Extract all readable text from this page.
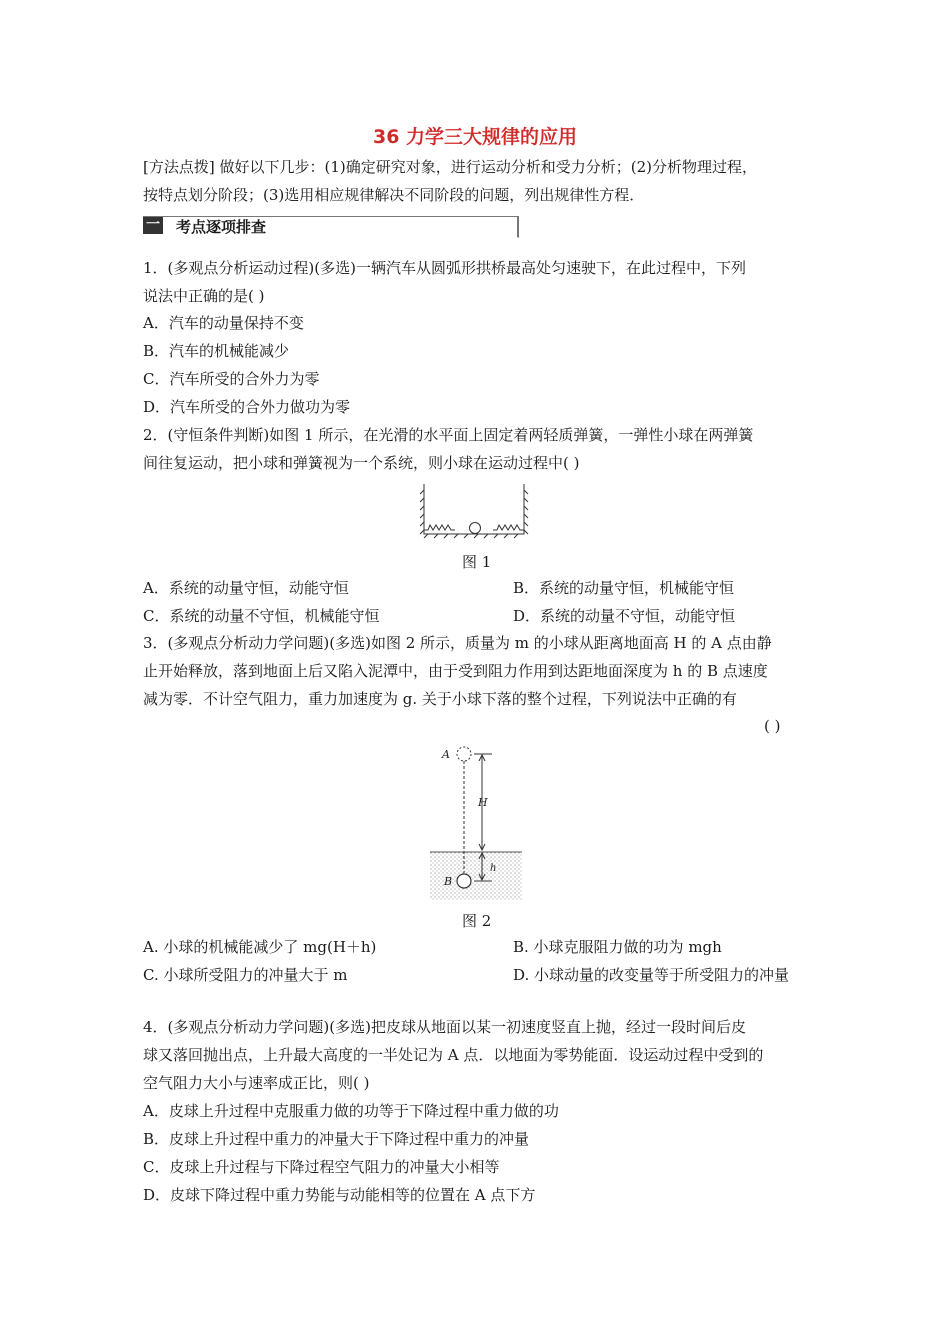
36 力学三大规律的应用
[方法点拨] 做好以下几步：(1)确定研究对象，进行运动分析和受力分析；(2)分析物理过程，
按特点划分阶段；(3)选用相应规律解决不同阶段的问题，列出规律性方程．
一 考点逐项排查
1．(多观点分析运动过程)(多选)一辆汽车从圆弧形拱桥最高处匀速驶下，在此过程中，下列
说法中正确的是( )
A．汽车的动量保持不变
B．汽车的机械能减少
C．汽车所受的合外力为零
D．汽车所受的合外力做功为零
2．(守恒条件判断)如图 1 所示，在光滑的水平面上固定着两轻质弹簧，一弹性小球在两弹簧
间往复运动，把小球和弹簧视为一个系统，则小球在运动过程中( )
图 1
A．系统的动量守恒，动能守恒	B．系统的动量守恒，机械能守恒
C．系统的动量不守恒，机械能守恒	D．系统的动量不守恒，动能守恒
3．(多观点分析动力学问题)(多选)如图 2 所示，质量为 m 的小球从距离地面高 H 的 A 点由静
止开始释放，落到地面上后又陷入泥潭中，由于受到阻力作用到达距地面深度为 h 的 B 点速度
减为零．不计空气阻力，重力加速度为 g. 关于小球下落的整个过程，下列说法中正确的有
( )
A
H
h
B
图 2
A. 小球的机械能减少了 mg(H＋h)	B. 小球克服阻力做的功为 mgh
C. 小球所受阻力的冲量大于 m	D. 小球动量的改变量等于所受阻力的冲量
4．(多观点分析动力学问题)(多选)把皮球从地面以某一初速度竖直上抛，经过一段时间后皮
球又落回抛出点，上升最大高度的一半处记为 A 点．以地面为零势能面．设运动过程中受到的
空气阻力大小与速率成正比，则( )
A．皮球上升过程中克服重力做的功等于下降过程中重力做的功
B．皮球上升过程中重力的冲量大于下降过程中重力的冲量
C．皮球上升过程与下降过程空气阻力的冲量大小相等
D．皮球下降过程中重力势能与动能相等的位置在 A 点下方
